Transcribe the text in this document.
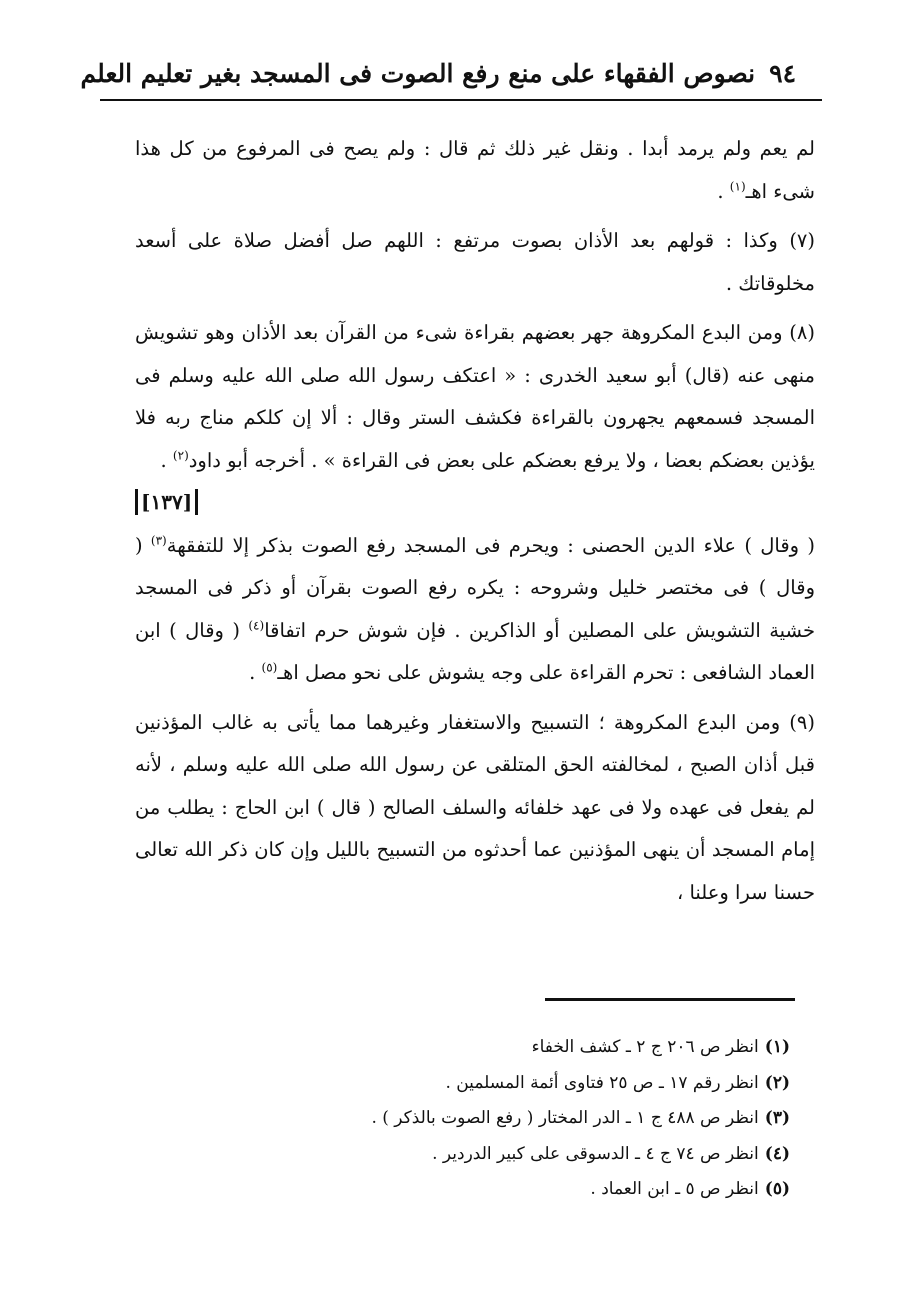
٩٤
نصوص الفقهاء على منع رفع الصوت فى المسجد بغير تعليم العلم

لم يعم ولم يرمد أبدا . ونقل غير ذلك ثم قال : ولم يصح فى المرفوع من كل هذا شىء اهـ$^{(١)}$ .

(٧) وكذا : قولهم بعد الأذان بصوت مرتفع : اللهم صل أفضل صلاة على أسعد مخلوقاتك .

(٨) ومن البدع المكروهة جهر بعضهم بقراءة شىء من القرآن بعد الأذان وهو تشويش منهى عنه (قال) أبو سعيد الخدرى : « اعتكف رسول الله صلى الله عليه وسلم فى المسجد فسمعهم يجهرون بالقراءة فكشف الستر وقال : ألا إن كلكم مناج ربه فلا يؤذين بعضكم بعضا ، ولا يرفع بعضكم على بعض فى القراءة » . أخرجه أبو داود$^{(٢)}$ .

[١٣٧]

( وقال ) علاء الدين الحصنى : ويحرم فى المسجد رفع الصوت بذكر إلا للتفقهة$^{(٣)}$ ( وقال ) فى مختصر خليل وشروحه : يكره رفع الصوت بقرآن أو ذكر فى المسجد خشية التشويش على المصلين أو الذاكرين . فإن شوش حرم اتفاقا$^{(٤)}$ ( وقال ) ابن العماد الشافعى : تحرم القراءة على وجه يشوش على نحو مصل اهـ$^{(٥)}$ .

(٩) ومن البدع المكروهة ؛ التسبيح والاستغفار وغيرهما مما يأتى به غالب المؤذنين قبل أذان الصبح ، لمخالفته الحق المتلقى عن رسول الله صلى الله عليه وسلم ، لأنه لم يفعل فى عهده ولا فى عهد خلفائه والسلف الصالح ( قال ) ابن الحاج : يطلب من إمام المسجد أن ينهى المؤذنين عما أحدثوه من التسبيح بالليل وإن كان ذكر الله تعالى حسنا سرا وعلنا ،

(١)انظر ص ٢٠٦ ج ٢ ـ كشف الخفاء
(٢)انظر رقم ١٧ ـ ص ٢٥ فتاوى أئمة المسلمين .
(٣)انظر ص ٤٨٨ ج ١ ـ الدر المختار ( رفع الصوت بالذكر ) .
(٤)انظر ص ٧٤ ج ٤ ـ الدسوقى على كبير الدردير .
(٥)انظر ص ٥ ـ ابن العماد .
